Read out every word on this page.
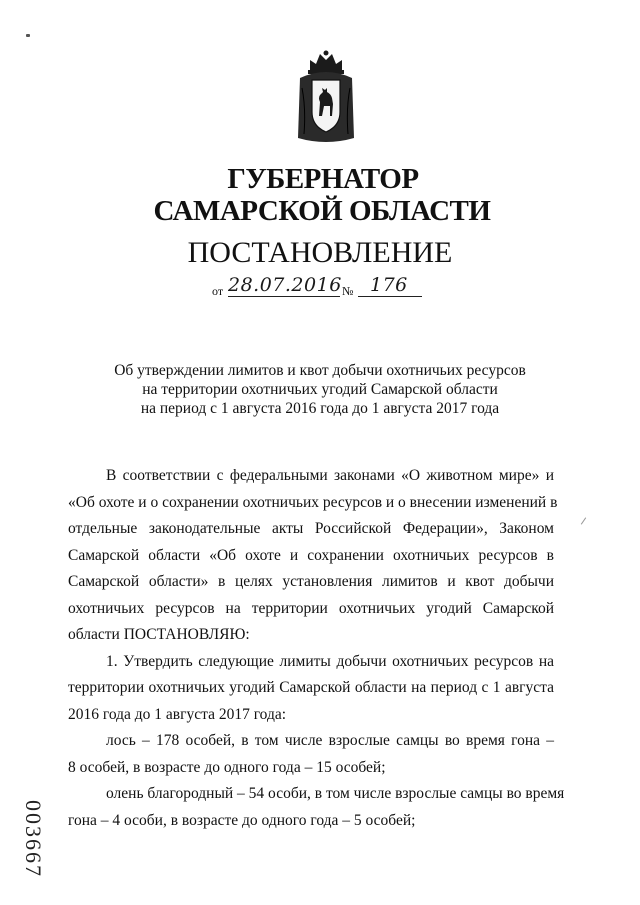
ГУБЕРНАТОР
САМАРСКОЙ ОБЛАСТИ
ПОСТАНОВЛЕНИЕ
от 28.07.2016 № 176
Об утверждении лимитов и квот добычи охотничьих ресурсов
на территории охотничьих угодий Самарской области
на период с 1 августа 2016 года до 1 августа 2017 года
В соответствии с федеральными законами «О животном мире» и
«Об охоте и о сохранении охотничьих ресурсов и о внесении изменений в
отдельные законодательные акты Российской Федерации», Законом
Самарской области «Об охоте и сохранении охотничьих ресурсов в
Самарской области» в целях установления лимитов и квот добычи
охотничьих ресурсов на территории охотничьих угодий Самарской
области ПОСТАНОВЛЯЮ:
1. Утвердить следующие лимиты добычи охотничьих ресурсов на
территории охотничьих угодий Самарской области на период с 1 августа
2016 года до 1 августа 2017 года:
лось – 178 особей, в том числе взрослые самцы во время гона –
8 особей, в возрасте до одного года – 15 особей;
олень благородный – 54 особи, в том числе взрослые самцы во время
гона – 4 особи, в возрасте до одного года – 5 особей;
003667
